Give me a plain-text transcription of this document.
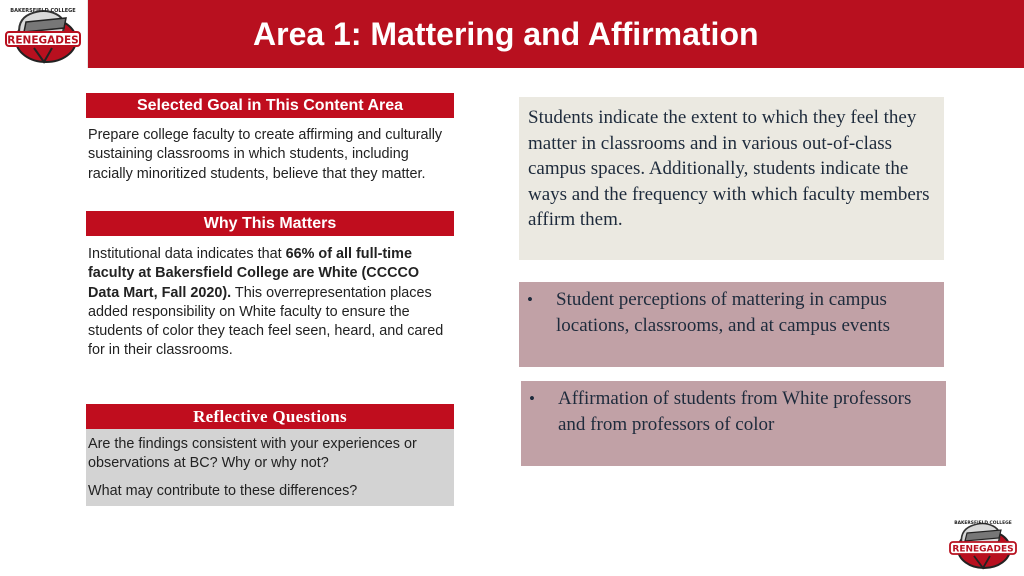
RENEGADES
BAKERSFIELD COLLEGE
Area 1: Mattering and Affirmation
Selected Goal in This Content Area

Prepare college faculty to create affirming and culturally sustaining classrooms in which students, including racially minoritized students, believe that they matter.

Why This Matters

Institutional data indicates that 66% of all full-time faculty at Bakersfield College are White (CCCCO Data Mart, Fall 2020). This overrepresentation places added responsibility on White faculty to ensure the students of color they teach feel seen, heard, and cared for in their classrooms.

Reflective Questions

Are the findings consistent with your experiences or observations at BC? Why or why not?

What may contribute to these differences?

Students indicate the extent to which they feel they matter in classrooms and in various out-of-class campus spaces. Additionally, students indicate the ways and the frequency with which faculty members affirm them.
•	Student perceptions of mattering in campus locations, classrooms, and at campus events
•	Affirmation of students from White professors and from professors of color
RENEGADES
BAKERSFIELD COLLEGE
